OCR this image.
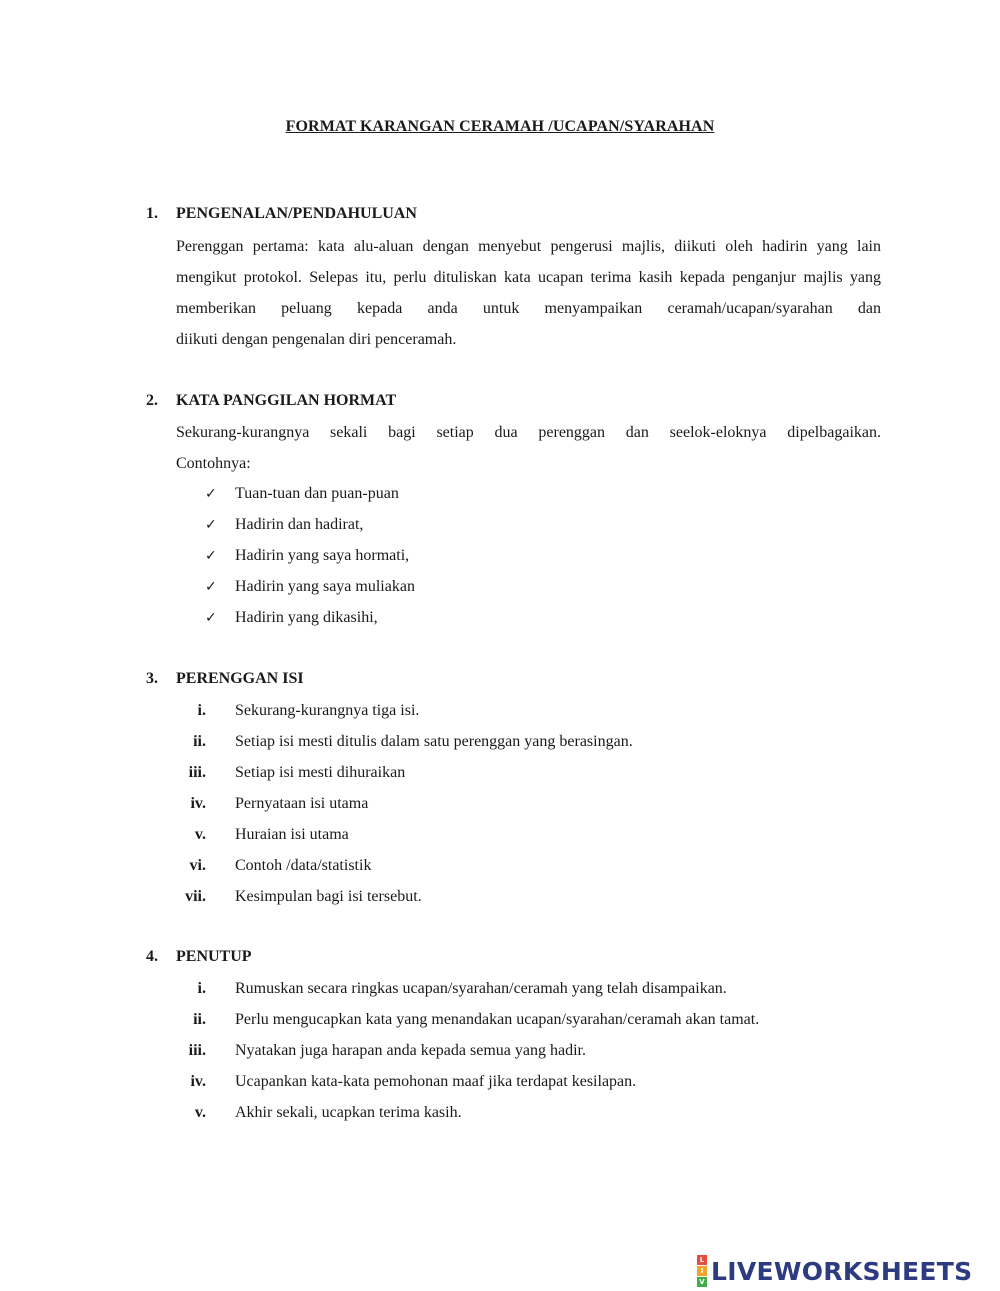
FORMAT KARANGAN CERAMAH /UCAPAN/SYARAHAN
1. PENGENALAN/PENDAHULUAN
Perenggan pertama: kata alu-aluan dengan menyebut pengerusi majlis, diikuti oleh hadirin yang lain mengikut protokol. Selepas itu, perlu dituliskan kata ucapan terima kasih kepada penganjur majlis yang memberikan peluang kepada anda untuk menyampaikan ceramah/ucapan/syarahan dan
diikuti dengan pengenalan diri penceramah.
2. KATA PANGGILAN HORMAT
Sekurang-kurangnya sekali bagi setiap dua perenggan dan seelok-eloknya dipelbagaikan.
Contohnya:
✓ Tuan-tuan dan puan-puan
✓ Hadirin dan hadirat,
✓ Hadirin yang saya hormati,
✓ Hadirin yang saya muliakan
✓ Hadirin yang dikasihi,
3. PERENGGAN ISI
i. Sekurang-kurangnya tiga isi.
ii. Setiap isi mesti ditulis dalam satu perenggan yang berasingan.
iii. Setiap isi mesti dihuraikan
iv. Pernyataan isi utama
v. Huraian isi utama
vi. Contoh /data/statistik
vii. Kesimpulan bagi isi tersebut.
4. PENUTUP
i. Rumuskan secara ringkas ucapan/syarahan/ceramah yang telah disampaikan.
ii. Perlu mengucapkan kata yang menandakan ucapan/syarahan/ceramah akan tamat.
iii. Nyatakan juga harapan anda kepada semua yang hadir.
iv. Ucapankan kata-kata pemohonan maaf jika terdapat kesilapan.
v. Akhir sekali, ucapkan terima kasih.
L
I
V LIVEWORKSHEETS
